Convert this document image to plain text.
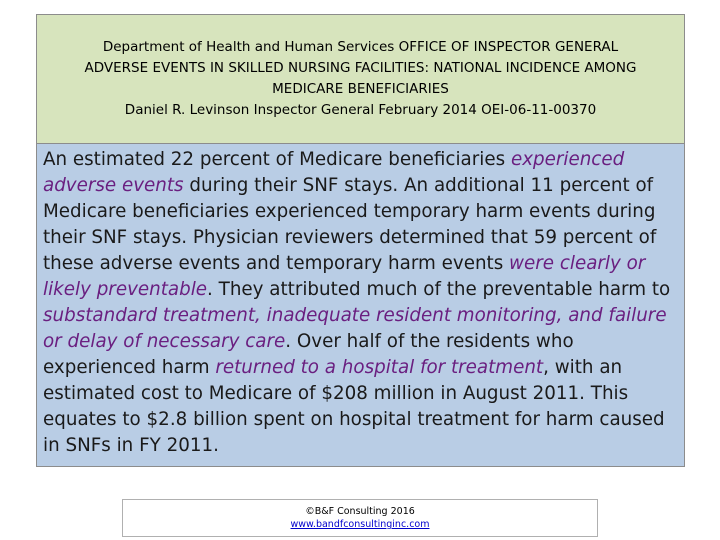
Department of Health and Human Services OFFICE OF INSPECTOR GENERAL
ADVERSE EVENTS IN SKILLED NURSING FACILITIES: NATIONAL INCIDENCE AMONG
MEDICARE BENEFICIARIES
Daniel R. Levinson Inspector General February 2014 OEI-06-11-00370
An estimated 22 percent of Medicare beneficiaries experienced adverse events during their SNF stays. An additional 11 percent of Medicare beneficiaries experienced temporary harm events during their SNF stays. Physician reviewers determined that 59 percent of these adverse events and temporary harm events were clearly or likely preventable. They attributed much of the preventable harm to substandard treatment, inadequate resident monitoring, and failure or delay of necessary care. Over half of the residents who experienced harm returned to a hospital for treatment, with an estimated cost to Medicare of $208 million in August 2011. This equates to $2.8 billion spent on hospital treatment for harm caused in SNFs in FY 2011.
©B&F Consulting 2016
www.bandfconsultinginc.com
